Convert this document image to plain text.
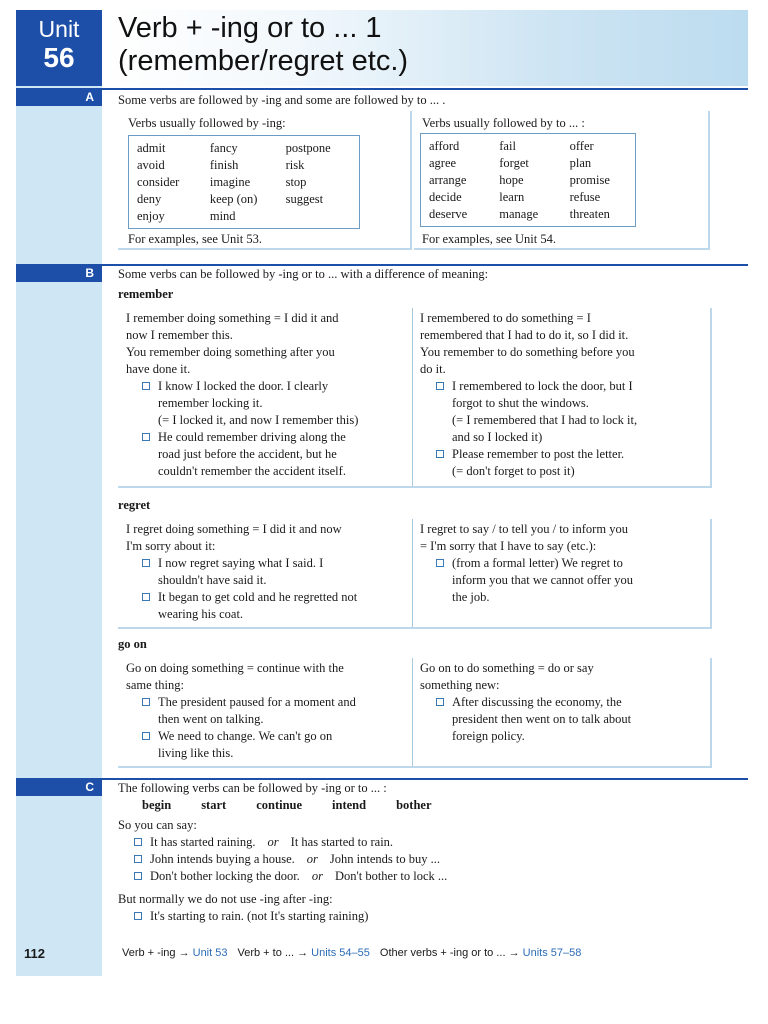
Unit
56
Verb + -ing or to ... 1
(remember/regret etc.)
A	Some verbs are followed by -ing and some are followed by to ... .
Verbs usually followed by -ing:
admit	fancy	postpone
avoid	finish	risk
consider	imagine	stop
deny	keep (on)	suggest
enjoy	mind	
For examples, see Unit 53.
Verbs usually followed by to ... :
afford	fail	offer
agree	forget	plan
arrange	hope	promise
decide	learn	refuse
deserve	manage	threaten
For examples, see Unit 54.
B	Some verbs can be followed by -ing or to ... with a difference of meaning:
remember
I remember doing something = I did it and
now I remember this.
You remember doing something after you
have done it.
I know I locked the door. I clearly
remember locking it.
(= I locked it, and now I remember this)
He could remember driving along the
road just before the accident, but he
couldn't remember the accident itself.
I remembered to do something = I
remembered that I had to do it, so I did it.
You remember to do something before you
do it.
I remembered to lock the door, but I
forgot to shut the windows.
(= I remembered that I had to lock it,
and so I locked it)
Please remember to post the letter.
(= don't forget to post it)
regret
I regret doing something = I did it and now
I'm sorry about it:
I now regret saying what I said. I
shouldn't have said it.
It began to get cold and he regretted not
wearing his coat.
I regret to say / to tell you / to inform you
= I'm sorry that I have to say (etc.):
(from a formal letter) We regret to
inform you that we cannot offer you
the job.
go on
Go on doing something = continue with the
same thing:
The president paused for a moment and
then went on talking.
We need to change. We can't go on
living like this.
Go on to do something = do or say
something new:
After discussing the economy, the
president then went on to talk about
foreign policy.
C	The following verbs can be followed by -ing or to ... :
begin start continue intend bother
So you can say:
It has started raining. or It has started to rain.
John intends buying a house. or John intends to buy ...
Don't bother locking the door. or Don't bother to lock ...
But normally we do not use -ing after -ing:
It's starting to rain. (not It's starting raining)
112	Verb + -ing → Unit 53 Verb + to ... → Units 54–55 Other verbs + -ing or to ... → Units 57–58
